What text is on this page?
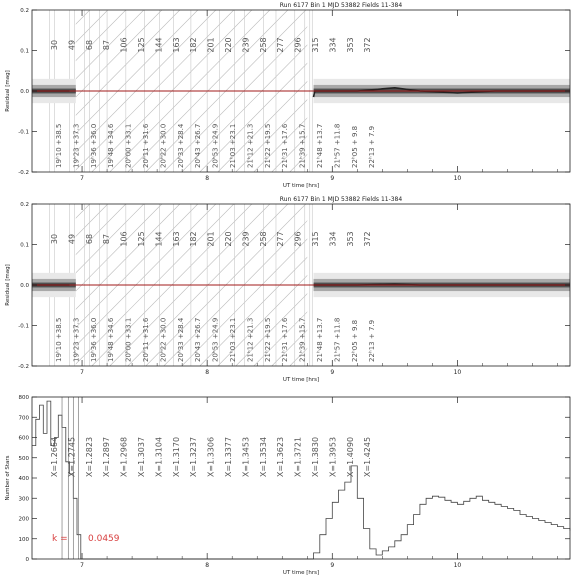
30
19ʰ10 +38.5
49
19ʰ23 +37.3
68
19ʰ36 +36.0
87
19ʰ48 +34.6
106
20ʰ00 +33.1
125
20ʰ11 +31.6
144
20ʰ22 +30.0
163
20ʰ33 +28.4
182
20ʰ43 +26.7
201
20ʰ53 +24.9
220
21ʰ03 +23.1
239
21ʰ12 +21.3
258
21ʰ22 +19.5
277
21ʰ31 +17.6
296
21ʰ39 +15.7
315
21ʰ48 +13.7
334
21ʰ57 +11.8
353
22ʰ05 + 9.8
372
22ʰ13 + 7.9
7	8	9	10
-0.2
-0.1
0.0
0.1
0.2
UT time [hrs]
Residual [mag]
Run 6177 Bin 1 MJD 53882 Fields 11-384
30
19ʰ10 +38.5
49
19ʰ23 +37.3
68
19ʰ36 +36.0
87
19ʰ48 +34.6
106
20ʰ00 +33.1
125
20ʰ11 +31.6
144
20ʰ22 +30.0
163
20ʰ33 +28.4
182
20ʰ43 +26.7
201
20ʰ53 +24.9
220
21ʰ03 +23.1
239
21ʰ12 +21.3
258
21ʰ22 +19.5
277
21ʰ31 +17.6
296
21ʰ39 +15.7
315
21ʰ48 +13.7
334
21ʰ57 +11.8
353
22ʰ05 + 9.8
372
22ʰ13 + 7.9
7	8	9	10
-0.2
-0.1
0.0
0.1
0.2
UT time [hrs]
Residual [mag]
Run 6177 Bin 1 MJD 53882 Fields 11-384
X=1.2664 X=1.2745 X=1.2823 X=1.2897 X=1.2968 X=1.3037 X=1.3104 X=1.3170 X=1.3237 X=1.3306 X=1.3377 X=1.3453 X=1.3534 X=1.3623 X=1.3721 X=1.3830 X=1.3953 X=1.4090 X=1.4245
k = 0.0459
7	8	9	10
0
100
200
300
400
500
600
700
800
UT time [hrs]
Number of Stars
